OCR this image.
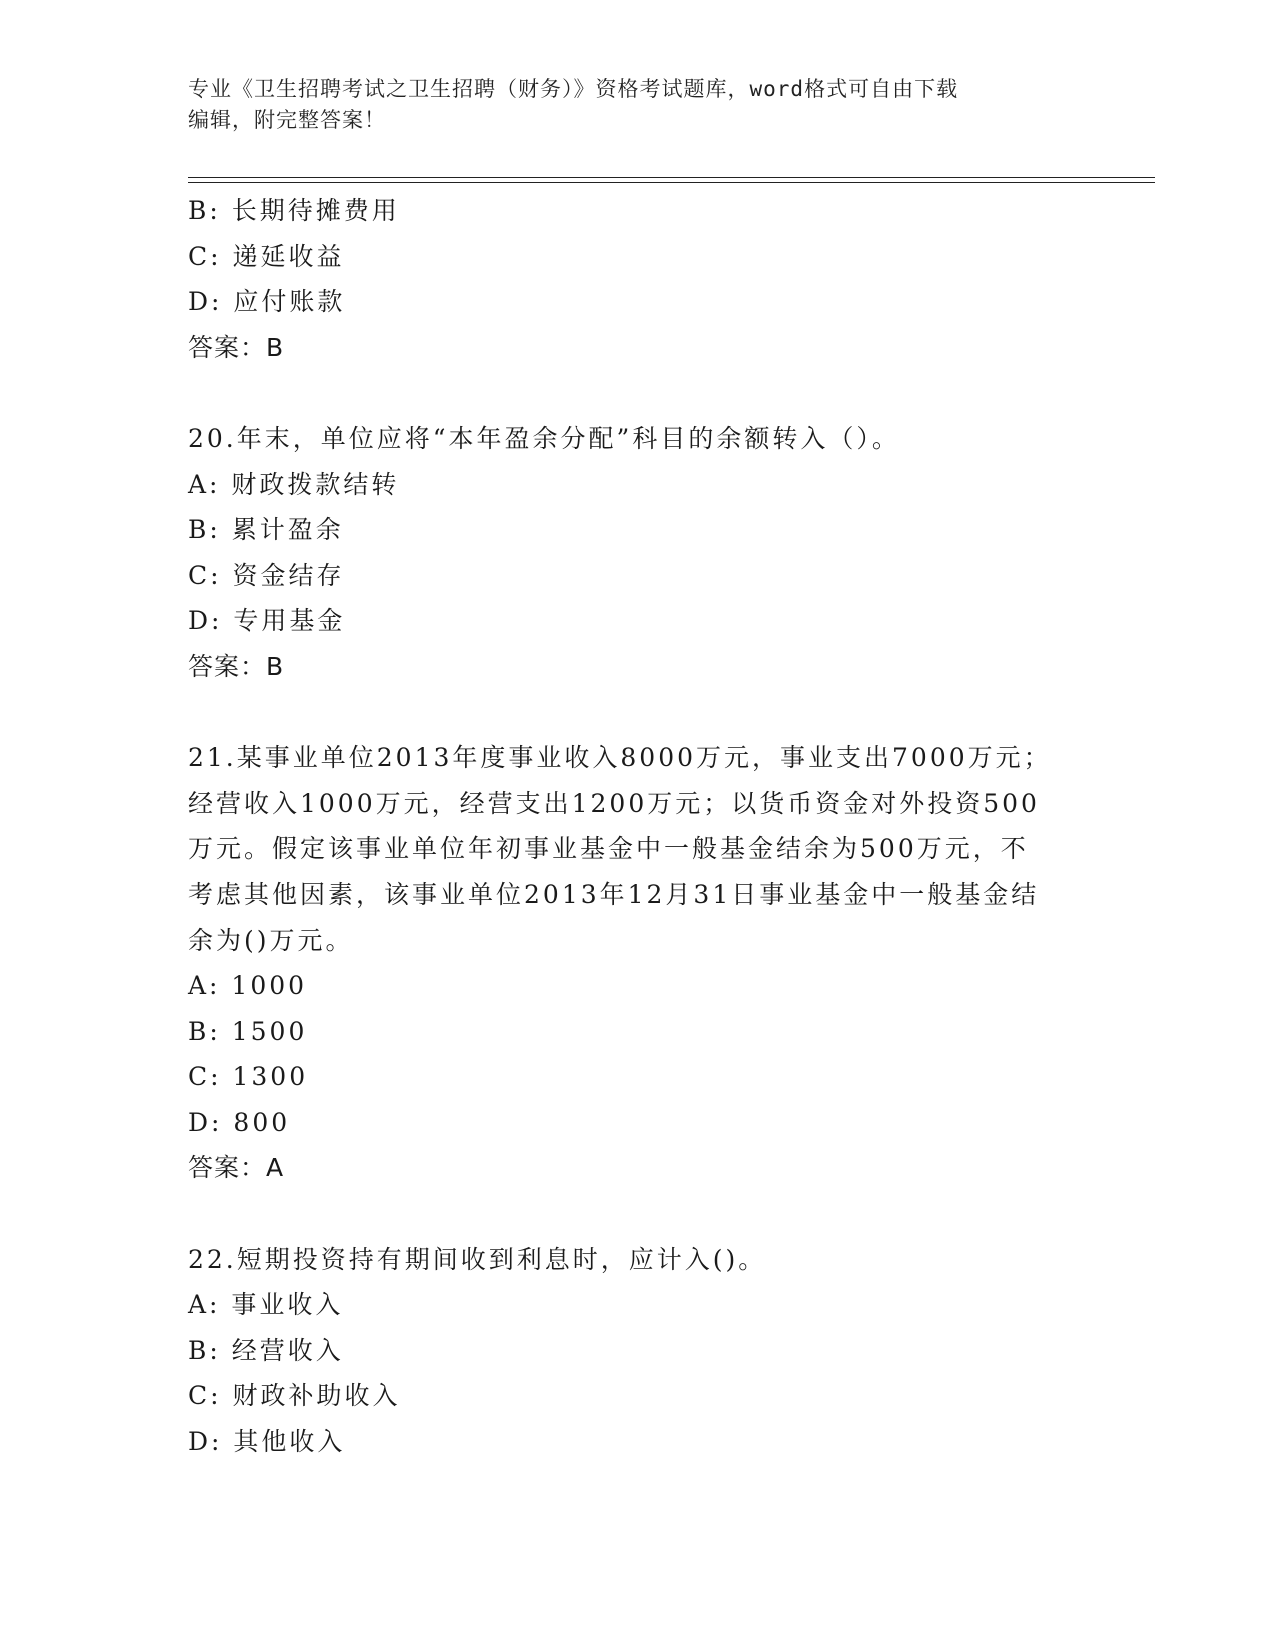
专业《卫生招聘考试之卫生招聘（财务）》资格考试题库，word格式可自由下载
编辑，附完整答案！
B: 长期待摊费用
C: 递延收益
D: 应付账款
答案：B
20.年末，单位应将“本年盈余分配”科目的余额转入（）。
A: 财政拨款结转
B: 累计盈余
C: 资金结存
D: 专用基金
答案：B
21.某事业单位2013年度事业收入8000万元，事业支出7000万元；
经营收入1000万元，经营支出1200万元；以货币资金对外投资500
万元。假定该事业单位年初事业基金中一般基金结余为500万元，不
考虑其他因素，该事业单位2013年12月31日事业基金中一般基金结
余为()万元。
A: 1000
B: 1500
C: 1300
D: 800
答案：A
22.短期投资持有期间收到利息时，应计入()。
A: 事业收入
B: 经营收入
C: 财政补助收入
D: 其他收入
